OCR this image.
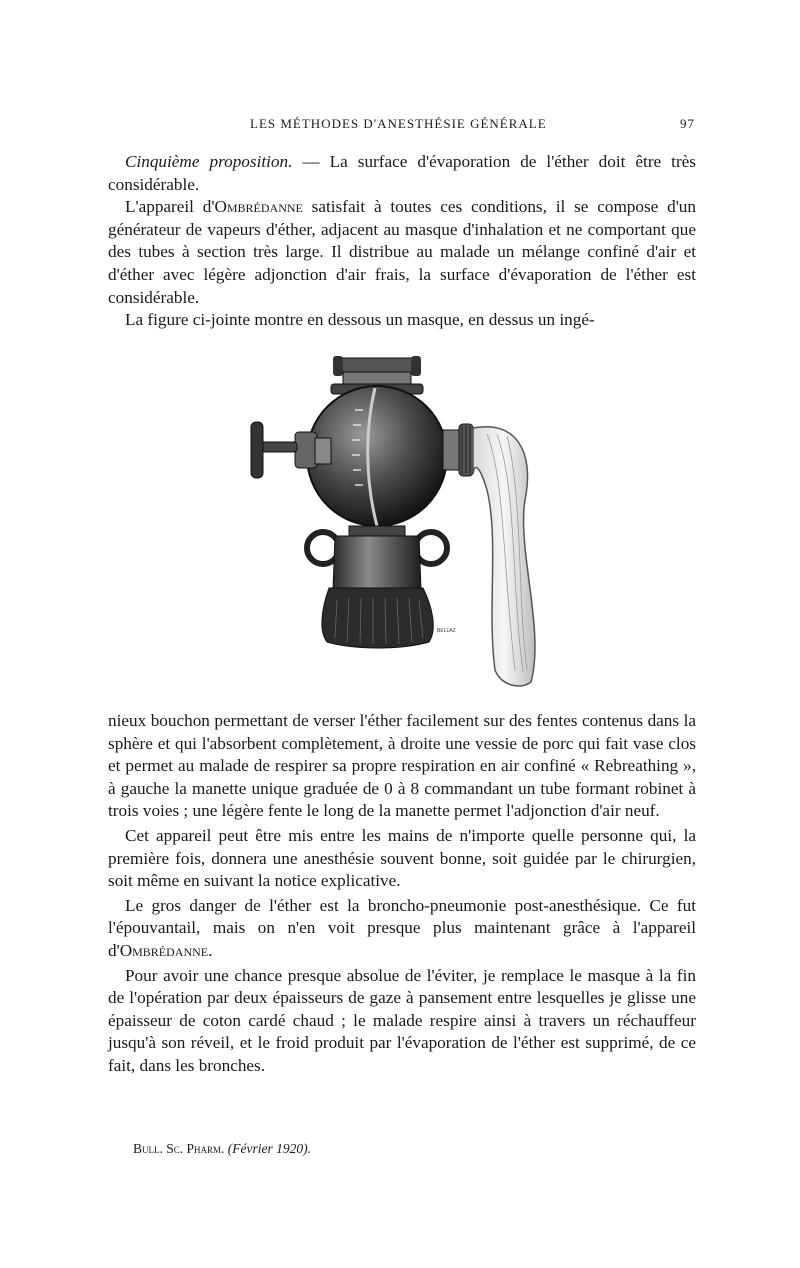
LES MÉTHODES D'ANESTHÉSIE GÉNÉRALE	97

Cinquième proposition. — La surface d'évaporation de l'éther doit être très considérable.

L'appareil d'Ombrédanne satisfait à toutes ces conditions, il se compose d'un générateur de vapeurs d'éther, adjacent au masque d'inhalation et ne comportant que des tubes à section très large. Il distribue au malade un mélange confiné d'air et d'éther avec légère adjonction d'air frais, la surface d'évaporation de l'éther est considérable.

La figure ci-jointe montre en dessous un masque, en dessus un ingé-

BELLAZ

nieux bouchon permettant de verser l'éther facilement sur des fentes contenus dans la sphère et qui l'absorbent complètement, à droite une vessie de porc qui fait vase clos et permet au malade de respirer sa propre respiration en air confiné « Rebreathing », à gauche la manette unique graduée de 0 à 8 commandant un tube formant robinet à trois voies ; une légère fente le long de la manette permet l'adjonction d'air neuf.

Cet appareil peut être mis entre les mains de n'importe quelle personne qui, la première fois, donnera une anesthésie souvent bonne, soit guidée par le chirurgien, soit même en suivant la notice explicative.

Le gros danger de l'éther est la broncho-pneumonie post-anesthésique. Ce fut l'épouvantail, mais on n'en voit presque plus maintenant grâce à l'appareil d'Ombrédanne.

Pour avoir une chance presque absolue de l'éviter, je remplace le masque à la fin de l'opération par deux épaisseurs de gaze à pansement entre lesquelles je glisse une épaisseur de coton cardé chaud ; le malade respire ainsi à travers un réchauffeur jusqu'à son réveil, et le froid produit par l'évaporation de l'éther est supprimé, de ce fait, dans les bronches.

Bull. Sc. Pharm. (Février 1920).
